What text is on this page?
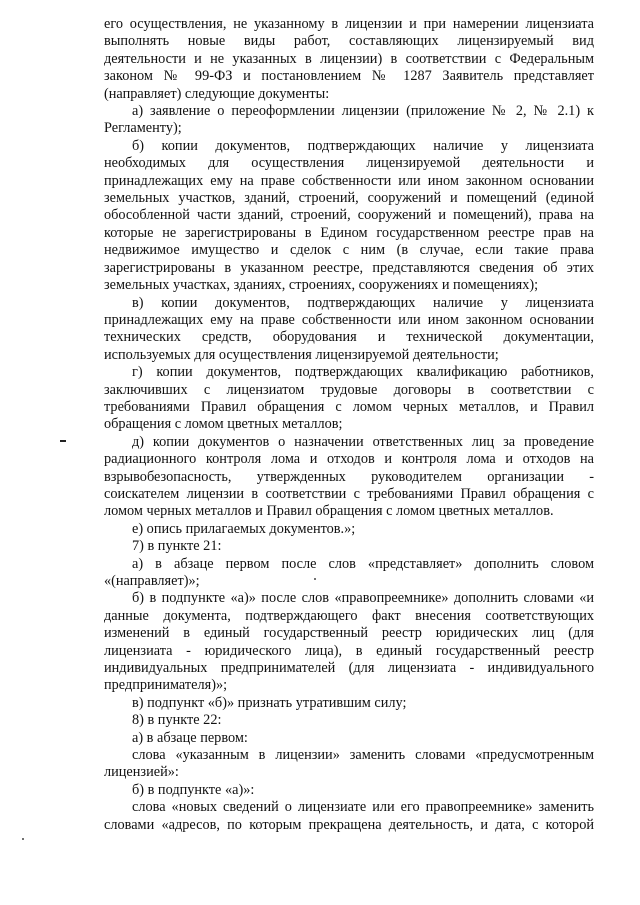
его осуществления, не указанному в лицензии и при намерении лицензиата
выполнять новые виды работ, составляющих лицензируемый вид
деятельности и не указанных в лицензии) в соответствии с Федеральным
законом № 99-ФЗ и постановлением № 1287 Заявитель представляет
(направляет) следующие документы:
а) заявление о переоформлении лицензии (приложение № 2, № 2.1) к
Регламенту);
б) копии документов, подтверждающих наличие у лицензиата
необходимых для осуществления лицензируемой деятельности и
принадлежащих ему на праве собственности или ином законном основании
земельных участков, зданий, строений, сооружений и помещений (единой
обособленной части зданий, строений, сооружений и помещений), права на
которые не зарегистрированы в Едином государственном реестре прав на
недвижимое имущество и сделок с ним (в случае, если такие права
зарегистрированы в указанном реестре, представляются сведения об этих
земельных участках, зданиях, строениях, сооружениях и помещениях);
в) копии документов, подтверждающих наличие у лицензиата
принадлежащих ему на праве собственности или ином законном основании
технических средств, оборудования и технической документации,
используемых для осуществления лицензируемой деятельности;
г) копии документов, подтверждающих квалификацию работников,
заключивших с лицензиатом трудовые договоры в соответствии с
требованиями Правил обращения с ломом черных металлов, и Правил
обращения с ломом цветных металлов;
д) копии документов о назначении ответственных лиц за проведение
радиационного контроля лома и отходов и контроля лома и отходов на
взрывобезопасность, утвержденных руководителем организации -
соискателем лицензии в соответствии с требованиями Правил обращения с
ломом черных металлов и Правил обращения с ломом цветных металлов.
е) опись прилагаемых документов.»;
7) в пункте 21:
а) в абзаце первом после слов «представляет» дополнить словом
«(направляет)»;
б) в подпункте «а)» после слов «правопреемнике» дополнить словами «и
данные документа, подтверждающего факт внесения соответствующих
изменений в единый государственный реестр юридических лиц (для
лицензиата - юридического лица), в единый государственный реестр
индивидуальных предпринимателей (для лицензиата - индивидуального
предпринимателя)»;
в) подпункт «б)» признать утратившим силу;
8) в пункте 22:
а) в абзаце первом:
слова «указанным в лицензии» заменить словами «предусмотренным
лицензией»:
б) в подпункте «а)»:
слова «новых сведений о лицензиате или его правопреемнике» заменить
словами «адресов, по которым прекращена деятельность, и дата, с которой
